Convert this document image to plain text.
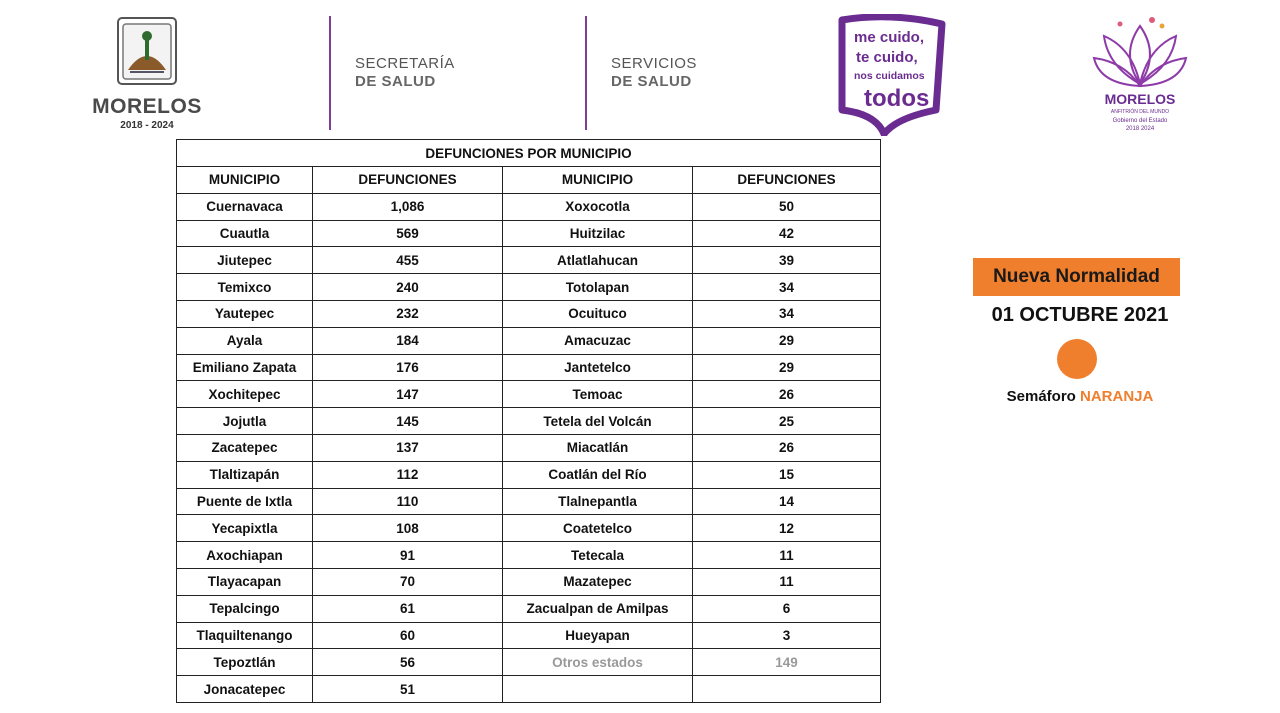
MORELOS
2018 - 2024
SECRETARÍA
DE SALUD
SERVICIOS
DE SALUD
me cuido,
te cuido,
nos cuidamos
todos	MORELOS
ANFITRIÓN DEL MUNDO
Gobierno del Estado
2018 2024
DEFUNCIONES POR MUNICIPIO			
MUNICIPIO	DEFUNCIONES	MUNICIPIO	DEFUNCIONES
Cuernavaca	1,086	Xoxocotla	50
Cuautla	569	Huitzilac	42
Jiutepec	455	Atlatlahucan	39
Temixco	240	Totolapan	34
Yautepec	232	Ocuituco	34
Ayala	184	Amacuzac	29
Emiliano Zapata	176	Jantetelco	29
Xochitepec	147	Temoac	26
Jojutla	145	Tetela del Volcán	25
Zacatepec	137	Miacatlán	26
Tlaltizapán	112	Coatlán del Río	15
Puente de Ixtla	110	Tlalnepantla	14
Yecapixtla	108	Coatetelco	12
Axochiapan	91	Tetecala	11
Tlayacapan	70	Mazatepec	11
Tepalcingo	61	Zacualpan de Amilpas	6
Tlaquiltenango	60	Hueyapan	3
Tepoztlán	56	Otros estados	149
Jonacatepec	51		
Nueva Normalidad
01 OCTUBRE 2021
Semáforo NARANJA
